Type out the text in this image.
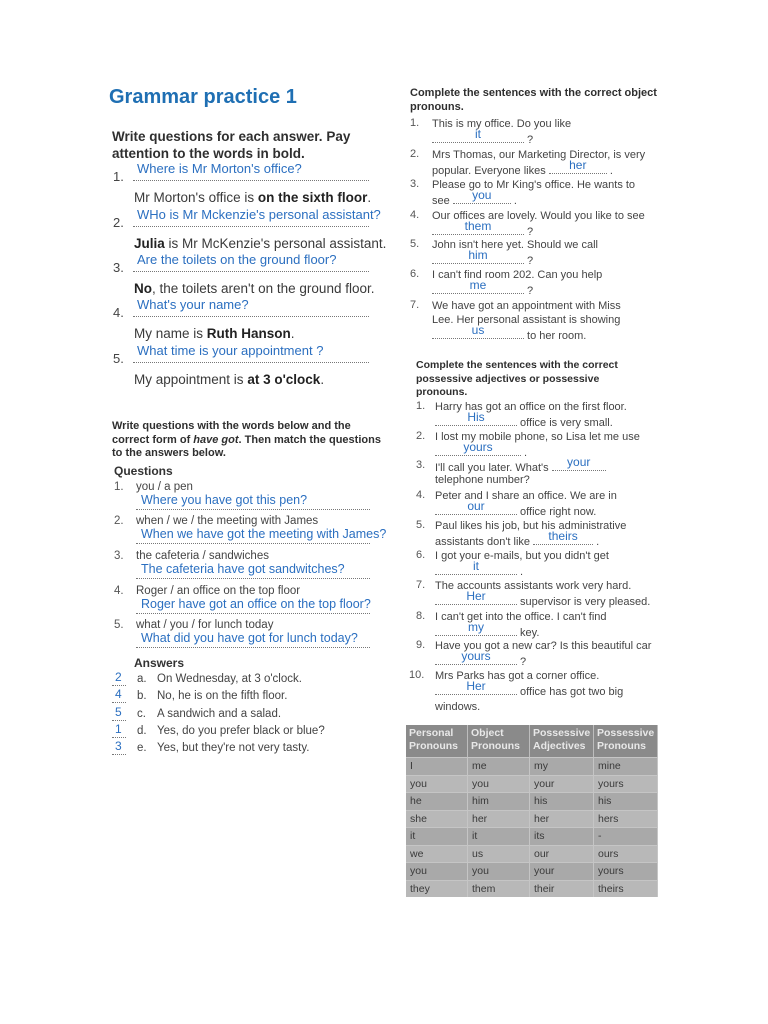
Grammar practice 1
Write questions for each answer. Pay attention to the words in bold.
1.
Where is Mr Morton's office?
Mr Morton's office is on the sixth floor.
2.
WHo is Mr Mckenzie's personal assistant?
Julia is Mr McKenzie's personal assistant.
3.
Are the toilets on the ground floor?
No, the toilets aren't on the ground floor.
4.
What's your name?
My name is Ruth Hanson.
5.
What time is your appointment ?
My appointment is at 3 o'clock.
Write questions with the words below and the correct form of have got. Then match the questions to the answers below.
Questions
1. you / a pen
Where you have got this pen?
2. when / we / the meeting with James
When we have got the meeting with James?
3. the cafeteria / sandwiches
The cafeteria have got sandwitches?
4. Roger / an office on the top floor
Roger have got an office on the top floor?
5. what / you / for lunch today
What did you have got for lunch today?
Answers
2 a. On Wednesday, at 3 o'clock.
4 b. No, he is on the fifth floor.
5 c. A sandwich and a salad.
1 d. Yes, do you prefer black or blue?
3 e. Yes, but they're not very tasty.
Complete the sentences with the correct object pronouns.
1. This is my office. Do you like
it	?
2. Mrs Thomas, our Marketing Director, is very
popular. Everyone likes her .
3. Please go to Mr King's office. He wants to
see you .
4. Our offices are lovely. Would you like to see
them	?
5. John isn't here yet. Should we call
him	?
6. I can't find room 202. Can you help
me	?
7. We have got an appointment with Miss
Lee. Her personal assistant is showing
us	to her room.
Complete the sentences with the correct possessive adjectives or possessive pronouns.
1. Harry has got an office on the first floor.
His	office is very small.
2. I lost my mobile phone, so Lisa let me use
yours	.
3. I'll call you later. What's your
telephone number?
4. Peter and I share an office. We are in
our	office right now.
5. Paul likes his job, but his administrative
assistants don't like theirs .
6. I got your e-mails, but you didn't get
it	.
7. The accounts assistants work very hard.
Her	supervisor is very pleased.
8. I can't get into the office. I can't find
my	key.
9. Have you got a new car? Is this beautiful car
yours ?
10. Mrs Parks has got a corner office.
Her	office has got two big windows.
Personal Pronouns
Object Pronouns
Possessive Adjectives
Possessive Pronouns
I	me	my	mine
you	you	your	yours
he	him	his	his
she	her	her	hers
it	it	its	-
we	us	our	ours
you	you	your	yours
they	them	their	theirs
